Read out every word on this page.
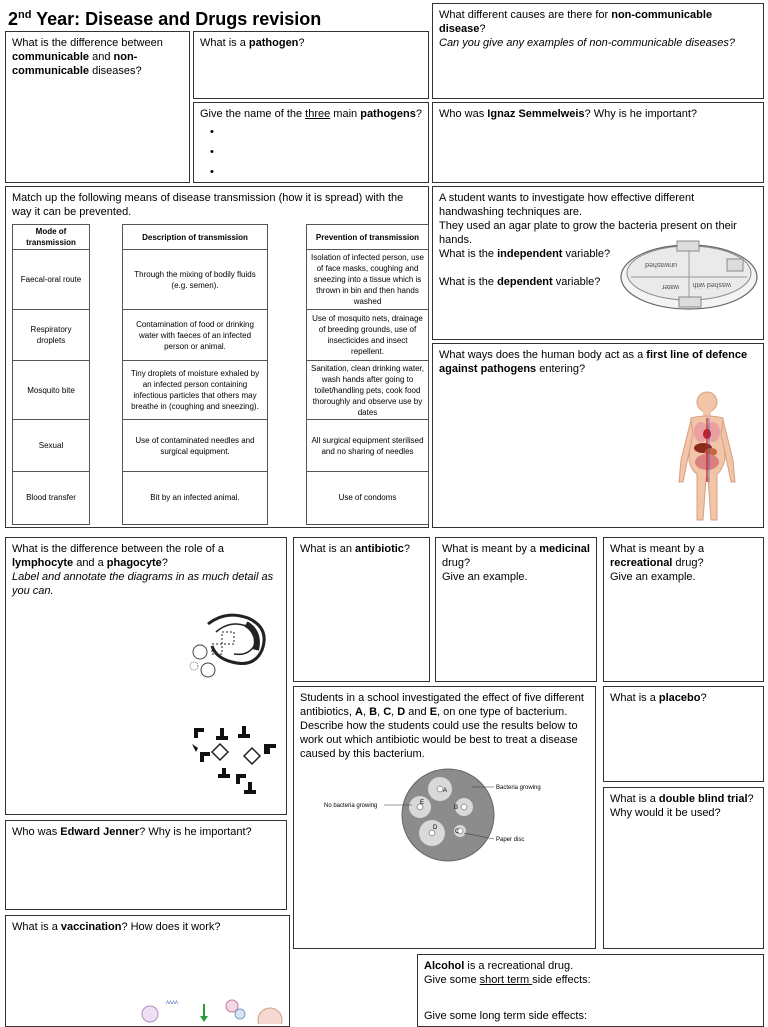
2nd Year: Disease and Drugs revision
What is the difference between communicable and non-communicable diseases?
What is a pathogen?
What different causes are there for non-communicable disease?
Can you give any examples of non-communicable diseases?
Give the name of the three main pathogens?
•
•
•	Who was Ignaz Semmelweis? Why is he important?
Match up the following means of disease transmission (how it is spread) with the way it can be prevented.
Mode of transmission
Faecal-oral route
Respiratory droplets
Mosquito bite
Sexual
Blood transfer
Description of transmission
Through the mixing of bodily fluids (e.g. semen).
Contamination of food or drinking water with faeces of an infected person or animal.
Tiny droplets of moisture exhaled by an infected person containing infectious particles that others may breathe in (coughing and sneezing).
Use of contaminated needles and surgical equipment.
Bit by an infected animal.
Prevention of transmission
Isolation of infected person, use of face masks, coughing and sneezing into a tissue which is thrown in bin and then hands washed
Use of mosquito nets, drainage of breeding grounds, use of insecticides and insect repellent.
Sanitation, clean drinking water, wash hands after going to toilet/handling pets, cook food thoroughly and observe use by dates
All surgical equipment sterilised and no sharing of needles
Use of condoms
A student wants to investigate how effective different handwashing techniques are.
They used an agar plate to grow the bacteria present on their hands.
What is the independent variable?
What is the dependent variable?
unwashed
washed with
water
What ways does the human body act as a first line of defence against pathogens entering?
What is the difference between the role of a lymphocyte and a phagocyte?
Label and annotate the diagrams in as much detail as you can.
What is an antibiotic?	What is meant by a medicinal drug?
Give an example.
What is meant by a recreational drug?
Give an example.
Students in a school investigated the effect of five different antibiotics, A, B, C, D and E, on one type of bacterium. Describe how the students could use the results below to work out which antibiotic would be best to treat a disease caused by this bacterium.
A
B
C
D
E
Bacteria growing
No bacteria growing
Paper disc
What is a placebo?
What is a double blind trial?
Why would it be used?
Who was Edward Jenner? Why is he important?
What is a vaccination? How does it work?
ᴧᴧᴧᴧ
Alcohol is a recreational drug.
Give some short term side effects:
Give some long term side effects:
